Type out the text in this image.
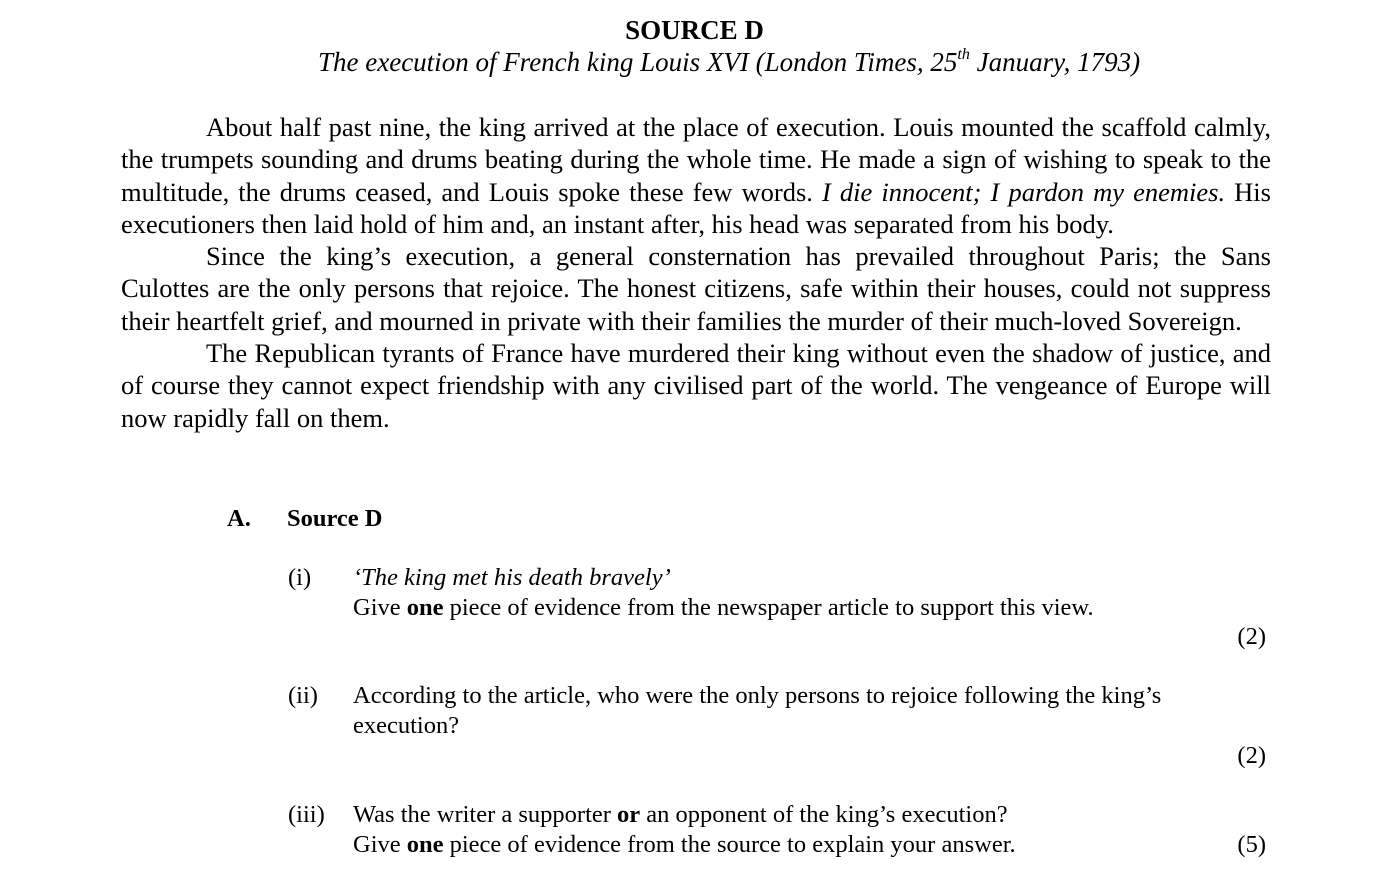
SOURCE D
The execution of French king Louis XVI (London Times, 25th January, 1793)

About half past nine, the king arrived at the place of execution. Louis mounted the scaffold calmly, the trumpets sounding and drums beating during the whole time. He made a sign of wishing to speak to the multitude, the drums ceased, and Louis spoke these few words. I die innocent; I pardon my enemies. His executioners then laid hold of him and, an instant after, his head was separated from his body.

Since the king’s execution, a general consternation has prevailed throughout Paris; the Sans Culottes are the only persons that rejoice. The honest citizens, safe within their houses, could not suppress their heartfelt grief, and mourned in private with their families the murder of their much-loved Sovereign.

The Republican tyrants of France have murdered their king without even the shadow of justice, and of course they cannot expect friendship with any civilised part of the world. The vengeance of Europe will now rapidly fall on them.

A. Source D
(i) ‘The king met his death bravely’
Give one piece of evidence from the newspaper article to support this view.
(2)
(ii) According to the article, who were the only persons to rejoice following the king’s execution?
(2)
(iii) Was the writer a supporter or an opponent of the king’s execution?
Give one piece of evidence from the source to explain your answer.	(5)
